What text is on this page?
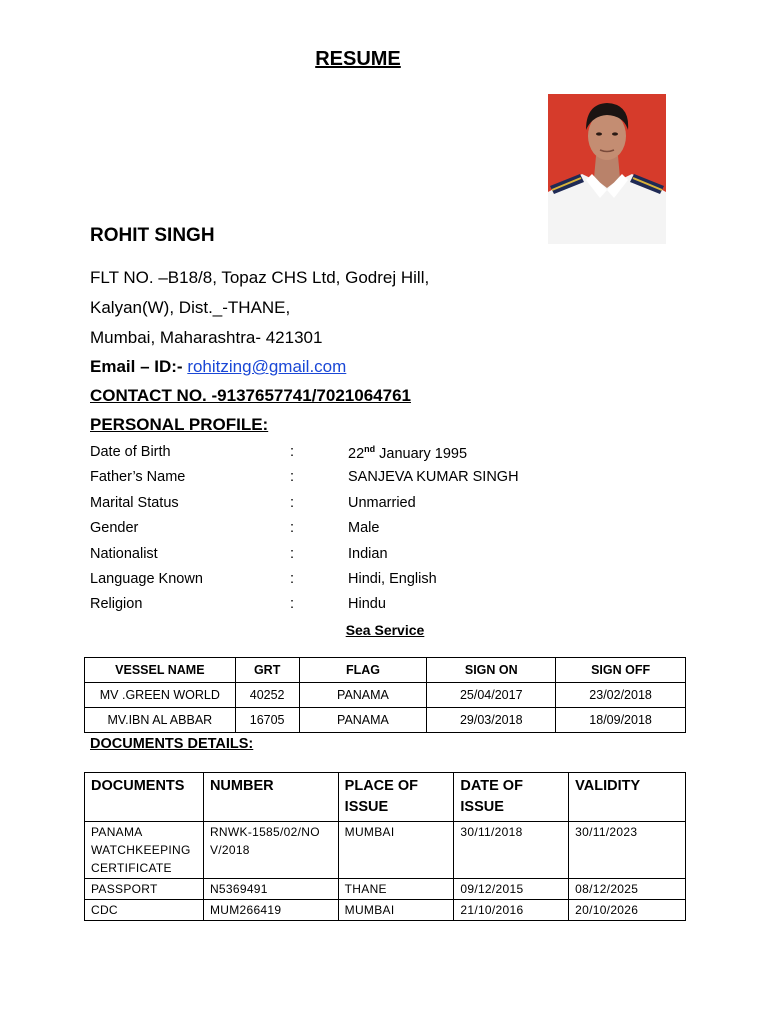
RESUME
ROHIT SINGH
FLT NO. –B18/8, Topaz CHS Ltd, Godrej Hill,
Kalyan(W), Dist._-THANE,
Mumbai, Maharashtra- 421301
Email – ID:- rohitzing@gmail.com
CONTACT NO. -9137657741/7021064761
PERSONAL PROFILE:
Date of Birth	:	22nd January 1995
Father’s Name	:	SANJEVA KUMAR SINGH
Marital Status	:	Unmarried
Gender	:	Male
Nationalist	:	Indian
Language Known	:	Hindi, English
Religion	:	Hindu
Sea Service
VESSEL NAME	GRT	FLAG	SIGN ON	SIGN OFF
MV .GREEN WORLD	40252	PANAMA	25/04/2017	23/02/2018
MV.IBN AL ABBAR	16705	PANAMA	29/03/2018	18/09/2018
DOCUMENTS DETAILS:
DOCUMENTS	NUMBER	PLACE OF ISSUE	DATE OF ISSUE	VALIDITY
PANAMA WATCHKEEPING CERTIFICATE	RNWK-1585/02/NOV/2018	MUMBAI	30/11/2018	30/11/2023
PASSPORT	N5369491	THANE	09/12/2015	08/12/2025
CDC	MUM266419	MUMBAI	21/10/2016	20/10/2026
